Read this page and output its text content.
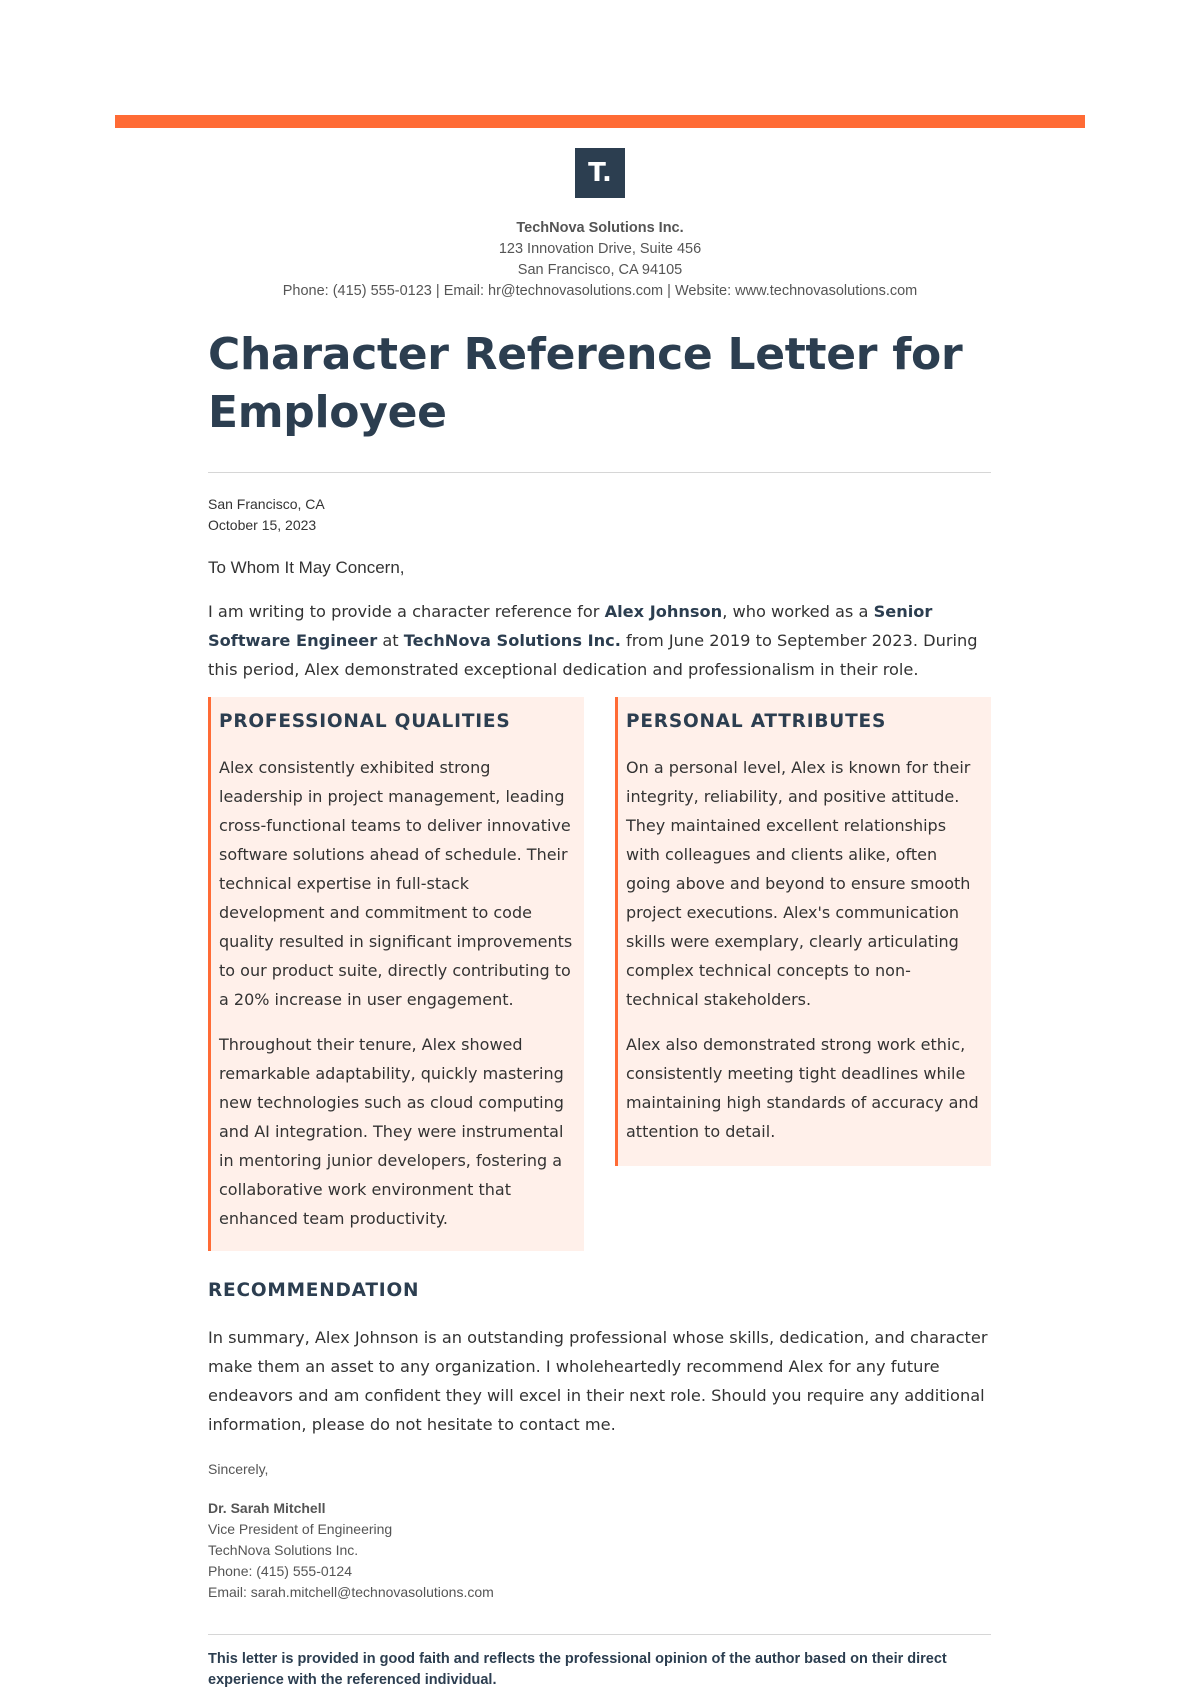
T.
TechNova Solutions Inc.
123 Innovation Drive, Suite 456
San Francisco, CA 94105
Phone: (415) 555-0123 | Email: hr@technovasolutions.com | Website: www.technovasolutions.com
Character Reference Letter for Employee
San Francisco, CA
October 15, 2023
To Whom It May Concern,

I am writing to provide a character reference for Alex Johnson, who worked as a Senior Software Engineer at TechNova Solutions Inc. from June 2019 to September 2023. During this period, Alex demonstrated exceptional dedication and professionalism in their role.

PROFESSIONAL QUALITIES

Alex consistently exhibited strong leadership in project management, leading cross-functional teams to deliver innovative software solutions ahead of schedule. Their technical expertise in full-stack development and commitment to code quality resulted in significant improvements to our product suite, directly contributing to a 20% increase in user engagement.

Throughout their tenure, Alex showed remarkable adaptability, quickly mastering new technologies such as cloud computing and AI integration. They were instrumental in mentoring junior developers, fostering a collaborative work environment that enhanced team productivity.

PERSONAL ATTRIBUTES

On a personal level, Alex is known for their integrity, reliability, and positive attitude. They maintained excellent relationships with colleagues and clients alike, often going above and beyond to ensure smooth project executions. Alex's communication skills were exemplary, clearly articulating complex technical concepts to non-technical stakeholders.

Alex also demonstrated strong work ethic, consistently meeting tight deadlines while maintaining high standards of accuracy and attention to detail.

RECOMMENDATION

In summary, Alex Johnson is an outstanding professional whose skills, dedication, and character make them an asset to any organization. I wholeheartedly recommend Alex for any future endeavors and am confident they will excel in their next role. Should you require any additional information, please do not hesitate to contact me.

Sincerely,
Dr. Sarah Mitchell
Vice President of Engineering
TechNova Solutions Inc.
Phone: (415) 555-0124
Email: sarah.mitchell@technovasolutions.com
This letter is provided in good faith and reflects the professional opinion of the author based on their direct experience with the referenced individual.
